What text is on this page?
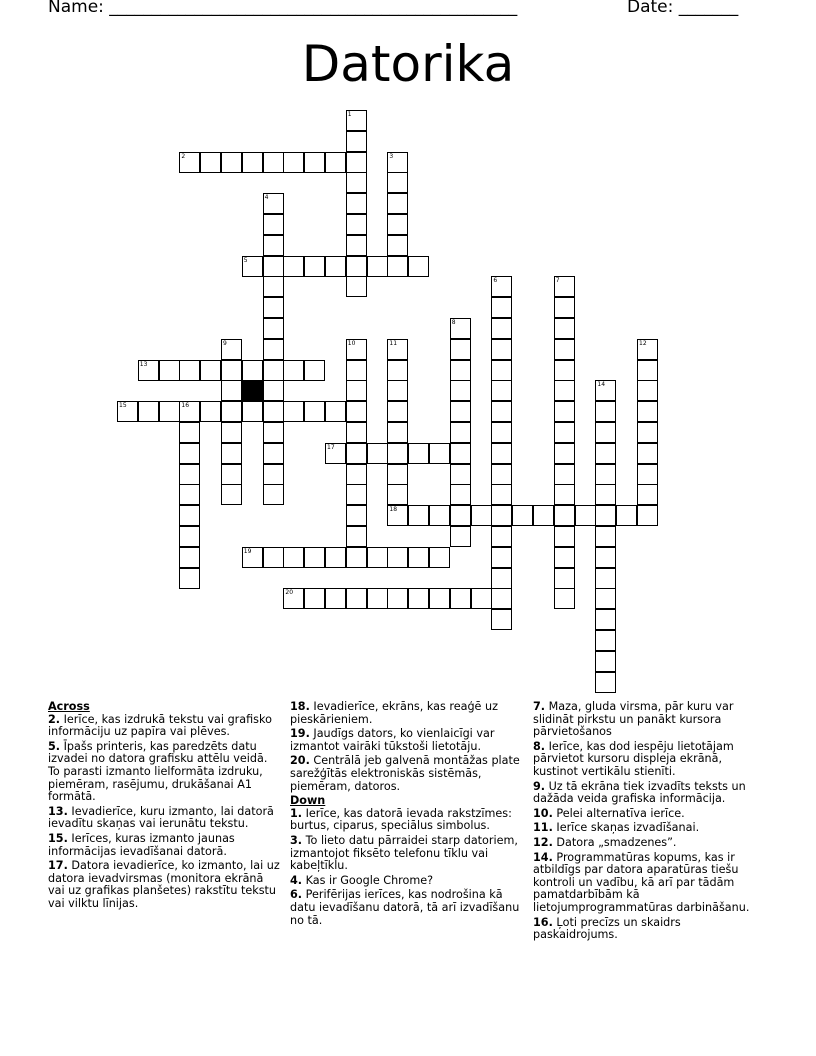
Name: ________________________________________________	Date: _______
Datorika
1
2	3
4
5
6	7
8
9	10	11	12
13
14
15	16
17
18
19
20
Across
2. Ierīce, kas izdrukā tekstu vai grafisko informāciju uz papīra vai plēves.
5. Īpašs printeris, kas paredzēts datu izvadei no datora grafisku attēlu veidā. To parasti izmanto lielformāta izdruku, piemēram, rasējumu, drukāšanai A1 formātā.
13. Ievadierīce, kuru izmanto, lai datorā ievadītu skaņas vai ierunātu tekstu.
15. Ierīces, kuras izmanto jaunas informācijas ievadīšanai datorā.
17. Datora ievadierīce, ko izmanto, lai uz datora ievadvirsmas (monitora ekrānā vai uz grafikas planšetes) rakstītu tekstu vai vilktu līnijas.
18. Ievadierīce, ekrāns, kas reaģē uz pieskārieniem.
19. Jaudīgs dators, ko vienlaicīgi var izmantot vairāki tūkstoši lietotāju.
20. Centrālā jeb galvenā montāžas plate sarežģītās elektroniskās sistēmās, piemēram, datoros.
Down
1. Ierīce, kas datorā ievada rakstzīmes: burtus, ciparus, speciālus simbolus.
3. To lieto datu pārraidei starp datoriem, izmantojot fiksēto telefonu tīklu vai kabeļtīklu.
4. Kas ir Google Chrome?
6. Perifērijas ierīces, kas nodrošina kā datu ievadīšanu datorā, tā arī izvadīšanu no tā.
7. Maza, gluda virsma, pār kuru var slidināt pirkstu un panākt kursora pārvietošanos
8. Ierīce, kas dod iespēju lietotājam pārvietot kursoru displeja ekrānā, kustinot vertikālu stienīti.
9. Uz tā ekrāna tiek izvadīts teksts un dažāda veida grafiska informācija.
10. Pelei alternatīva ierīce.
11. Ierīce skaņas izvadīšanai.
12. Datora „smadzenes”.
14. Programmatūras kopums, kas ir atbildīgs par datora aparatūras tiešu kontroli un vadību, kā arī par tādām pamatdarbībām kā lietojumprogrammatūras darbināšanu.
16. Ļoti precīzs un skaidrs paskaidrojums.
